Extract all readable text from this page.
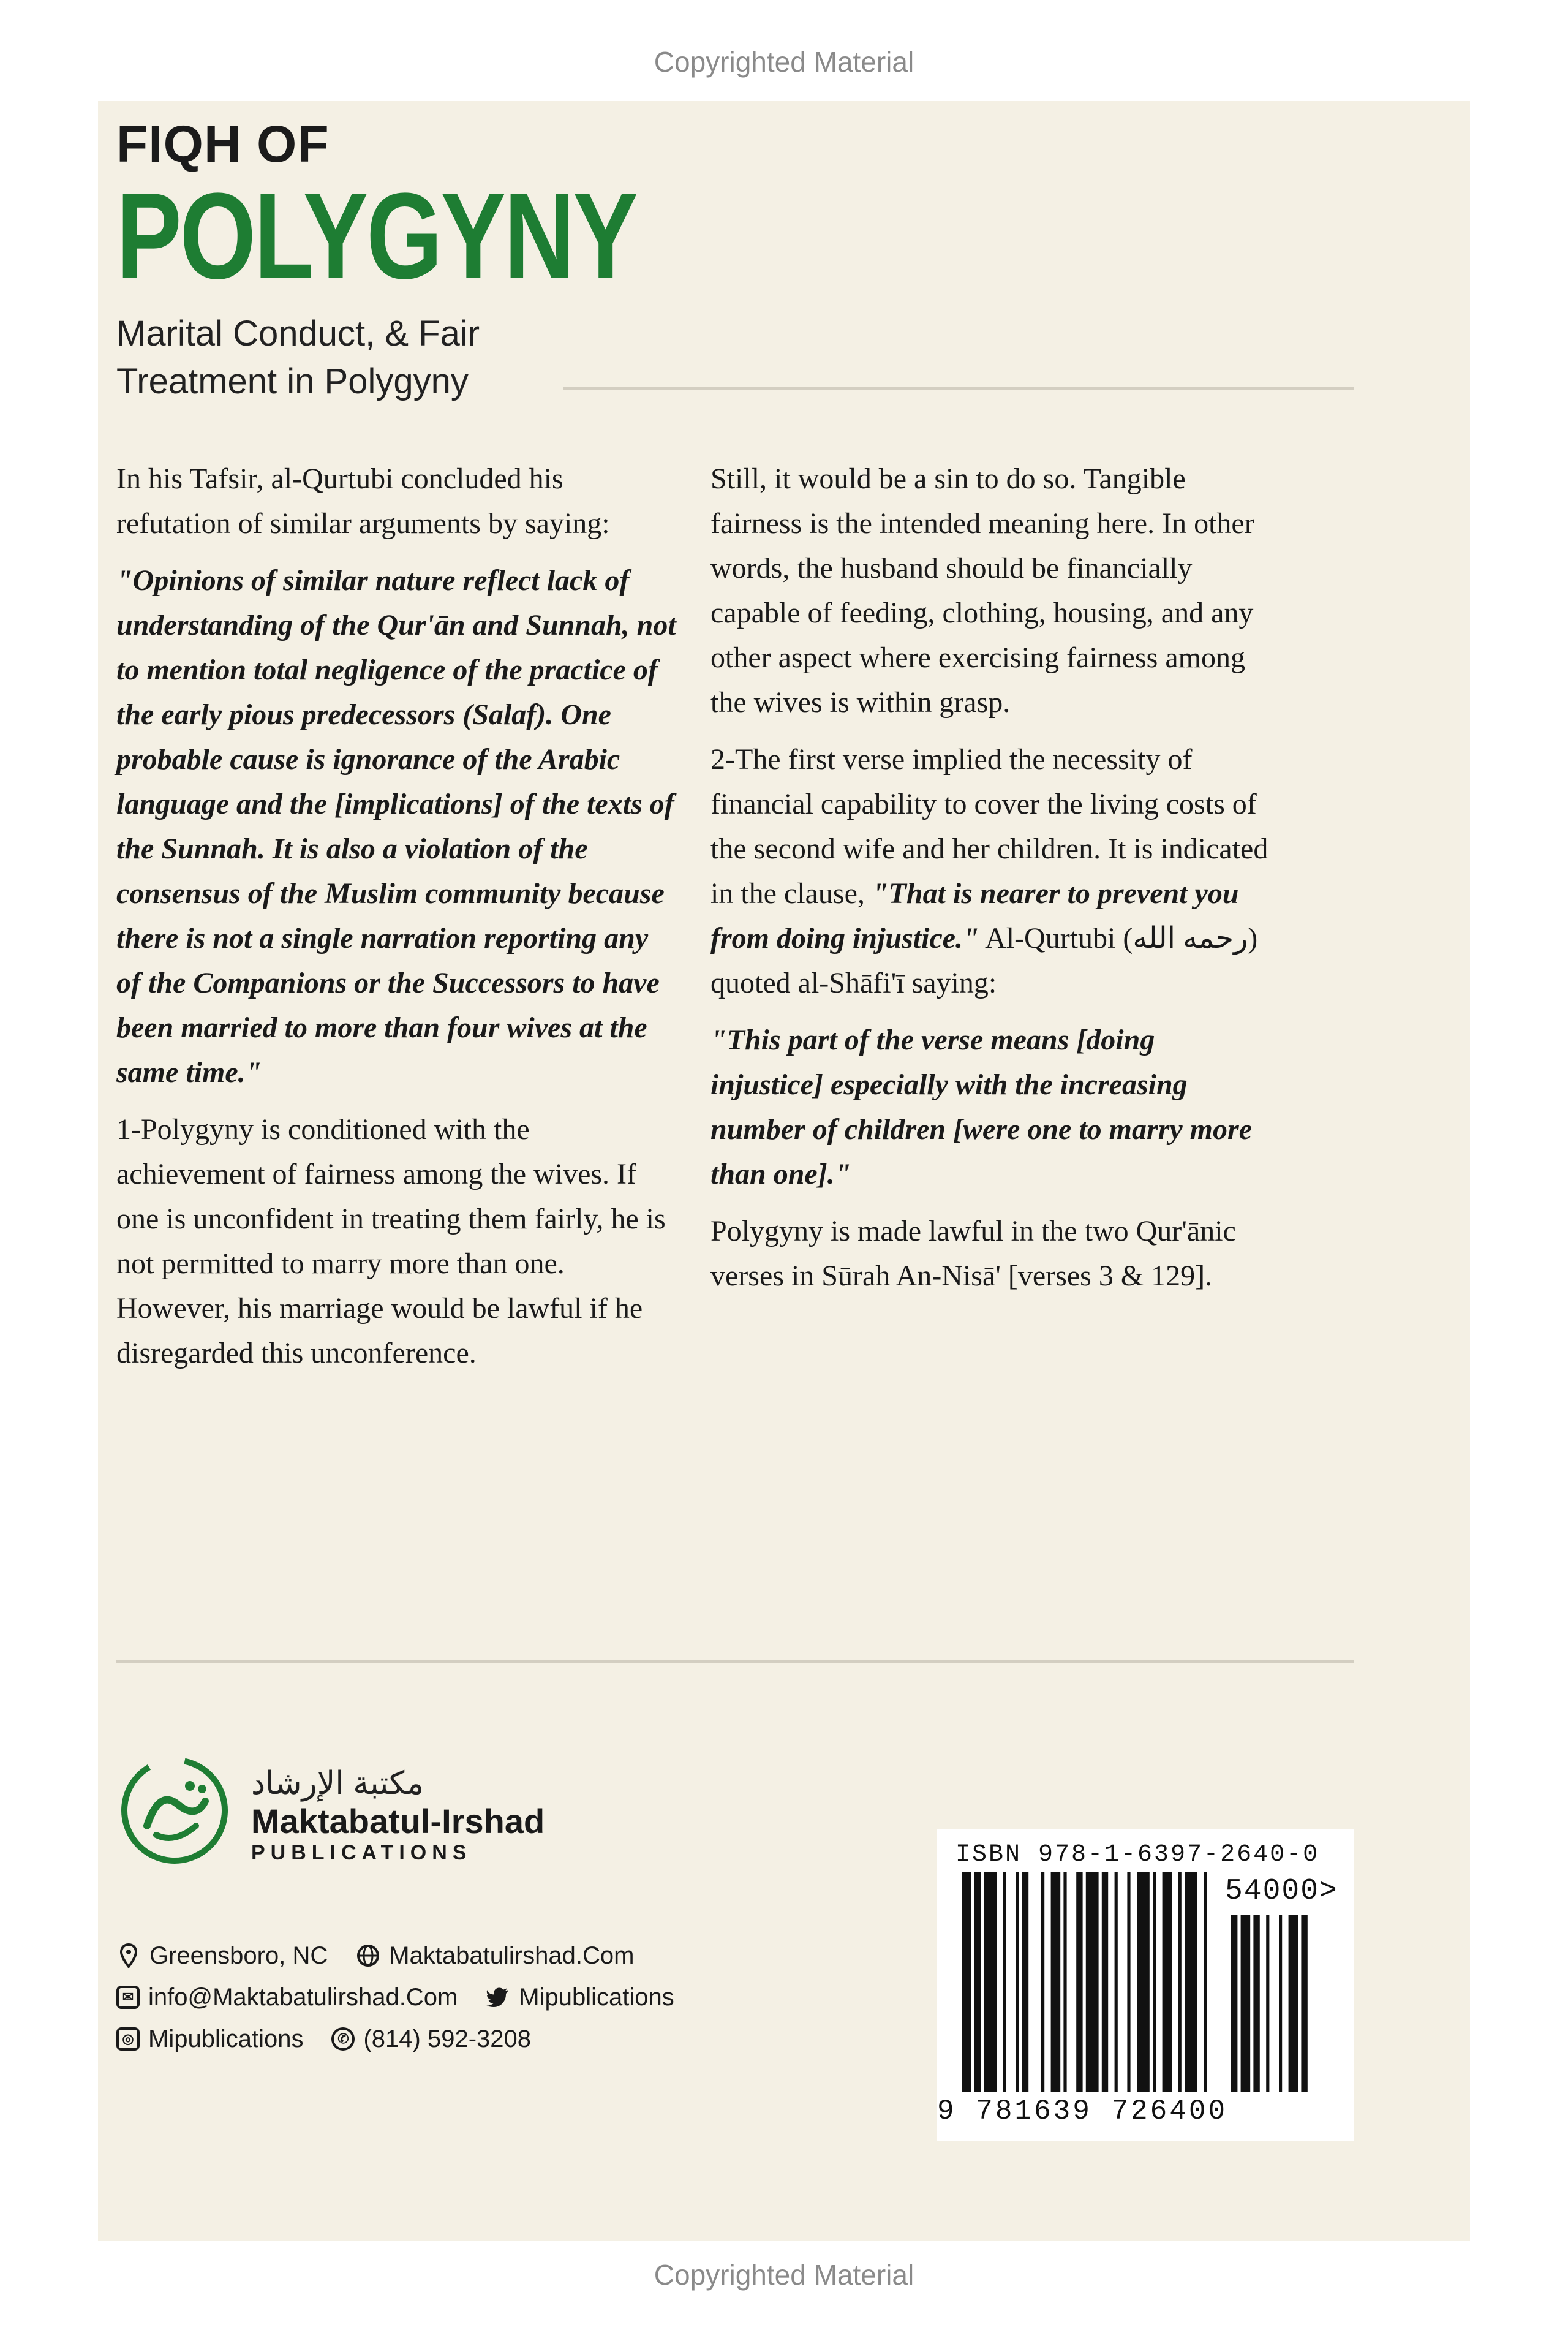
Copyrighted Material
FIQH OF
POLYGYNY
Marital Conduct, & Fair
Treatment in Polygyny

In his Tafsir, al-Qurtubi concluded his refutation of similar arguments by saying:

"Opinions of similar nature reflect lack of understanding of the Qur'ān and Sunnah, not to mention total negligence of the practice of the early pious predecessors (Salaf). One probable cause is ignorance of the Arabic language and the [implications] of the texts of the Sunnah. It is also a violation of the consensus of the Muslim community because there is not a single narration reporting any of the Companions or the Successors to have been married to more than four wives at the same time."

1-Polygyny is conditioned with the achievement of fairness among the wives. If one is unconfident in treating them fairly, he is not permitted to marry more than one. However, his marriage would be lawful if he disregarded this unconference.

Still, it would be a sin to do so. Tangible fairness is the intended meaning here. In other words, the husband should be financially capable of feeding, clothing, housing, and any other aspect where exercising fairness among the wives is within grasp.

2-The first verse implied the necessity of financial capability to cover the living costs of the second wife and her children. It is indicated in the clause, "That is nearer to prevent you from doing injustice." Al-Qurtubi (رحمه الله) quoted al-Shāfi'ī saying:

"This part of the verse means [doing injustice] especially with the increasing number of children [were one to marry more than one]."

Polygyny is made lawful in the two Qur'ānic verses in Sūrah An-Nisā' [verses 3 & 129].

مكتبة الإرشاد
Maktabatul-Irshad
PUBLICATIONS
Greensboro, NC	Maktabatulirshad.Com
✉ info@Maktabatulirshad.Com	Mipublications
◎ Mipublications	✆ (814) 592-3208
ISBN 978-1-6397-2640-0
54000>
9 781639 726400
Copyrighted Material
